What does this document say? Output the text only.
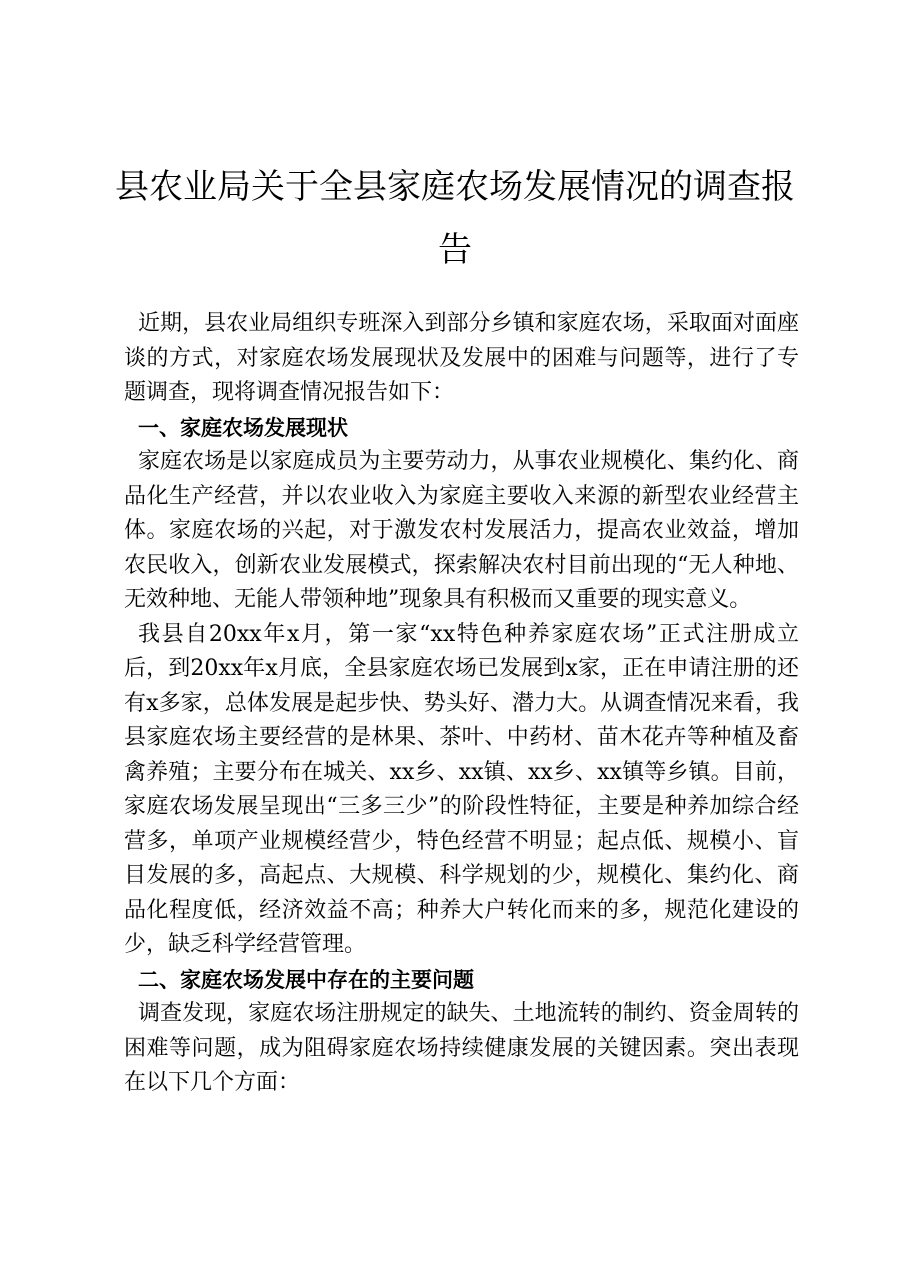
县农业局关于全县家庭农场发展情况的调查报告

近期，县农业局组织专班深入到部分乡镇和家庭农场，采取面对面座谈的方式，对家庭农场发展现状及发展中的困难与问题等，进行了专题调查，现将调查情况报告如下：

一、家庭农场发展现状

家庭农场是以家庭成员为主要劳动力，从事农业规模化、集约化、商品化生产经营，并以农业收入为家庭主要收入来源的新型农业经营主体。家庭农场的兴起，对于激发农村发展活力，提高农业效益，增加农民收入，创新农业发展模式，探索解决农村目前出现的“无人种地、无效种地、无能人带领种地”现象具有积极而又重要的现实意义。

我县自20xx年x月，第一家“xx特色种养家庭农场”正式注册成立后，到20xx年x月底，全县家庭农场已发展到x家，正在申请注册的还有x多家，总体发展是起步快、势头好、潜力大。从调查情况来看，我县家庭农场主要经营的是林果、茶叶、中药材、苗木花卉等种植及畜禽养殖；主要分布在城关、xx乡、xx镇、xx乡、xx镇等乡镇。目前，家庭农场发展呈现出“三多三少”的阶段性特征，主要是种养加综合经营多，单项产业规模经营少，特色经营不明显；起点低、规模小、盲目发展的多，高起点、大规模、科学规划的少，规模化、集约化、商品化程度低，经济效益不高；种养大户转化而来的多，规范化建设的少，缺乏科学经营管理。

二、家庭农场发展中存在的主要问题

调查发现，家庭农场注册规定的缺失、土地流转的制约、资金周转的困难等问题，成为阻碍家庭农场持续健康发展的关键因素。突出表现在以下几个方面：
